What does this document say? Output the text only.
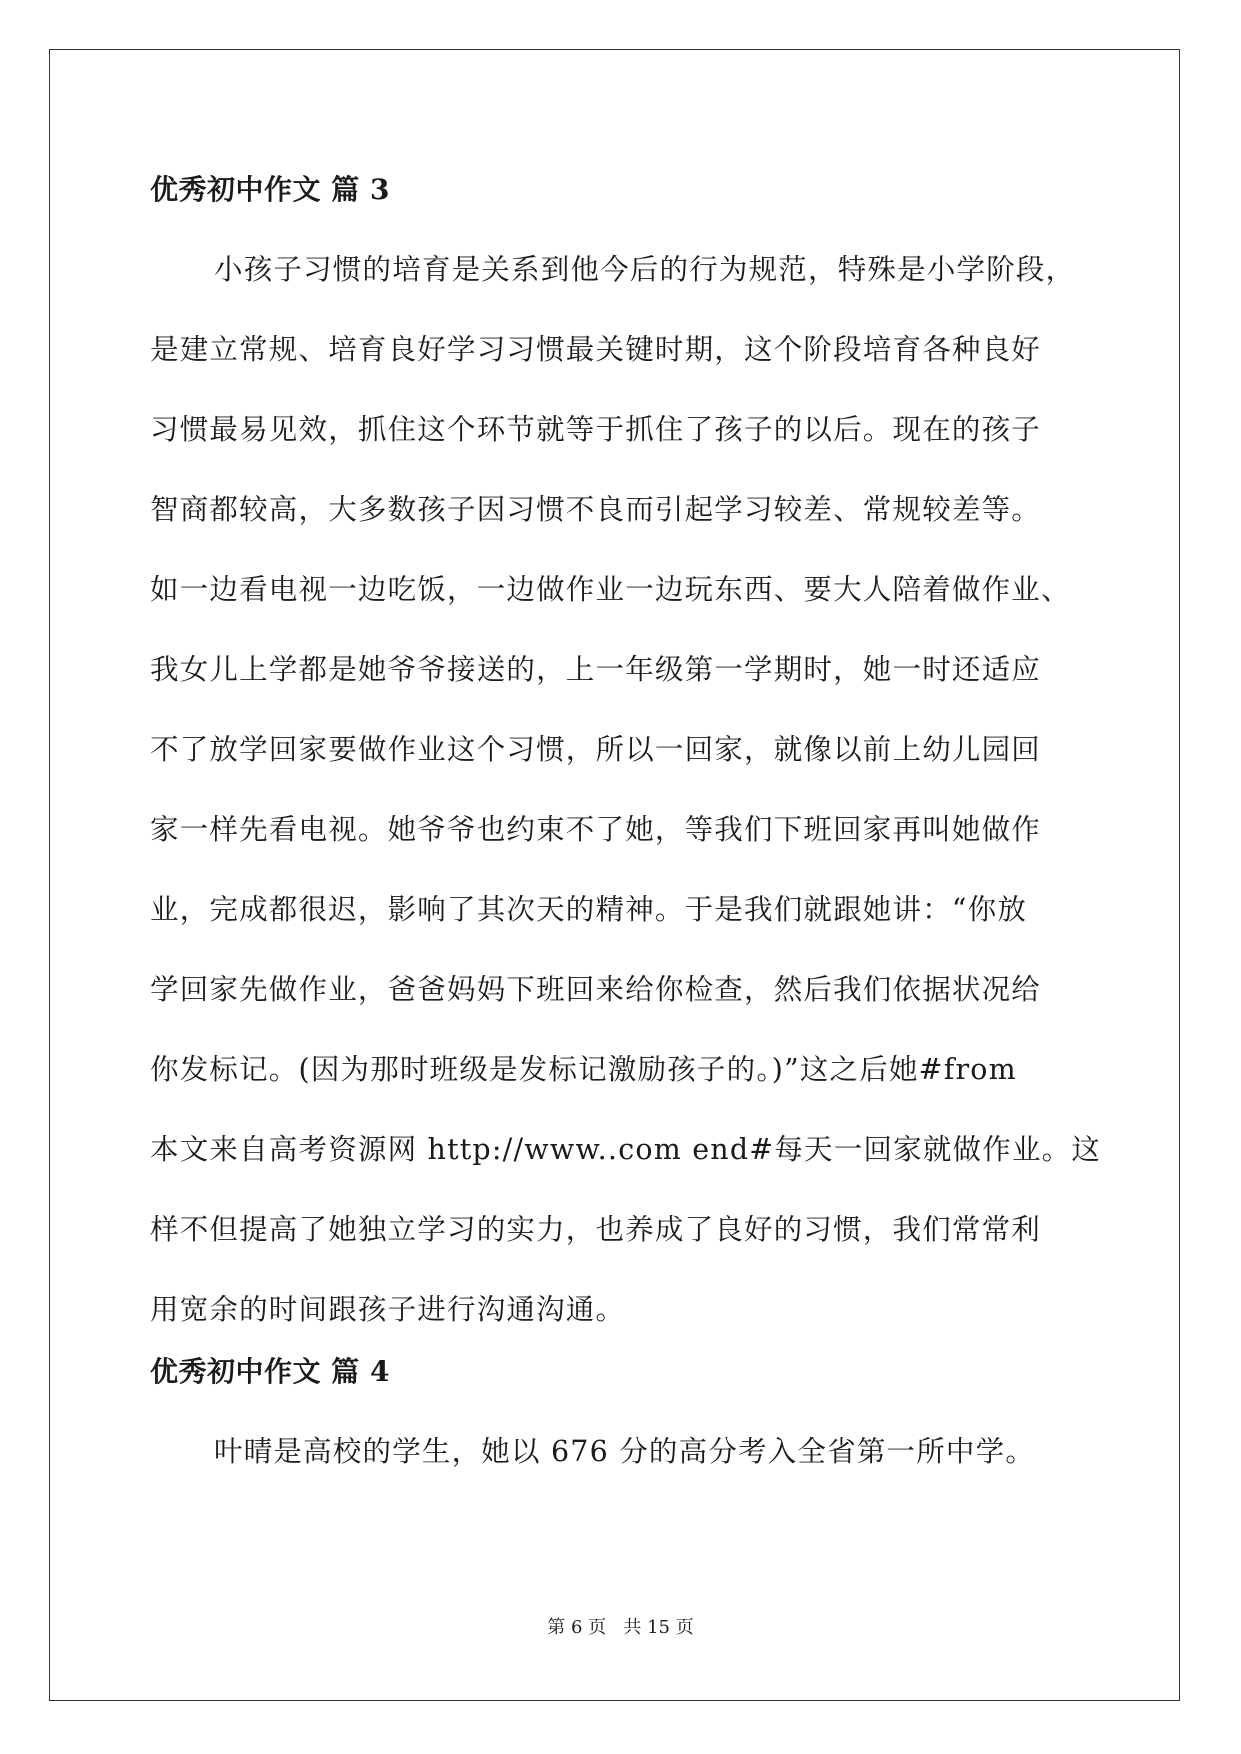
优秀初中作文 篇 3
小孩子习惯的培育是关系到他今后的行为规范，特殊是小学阶段，
是建立常规、培育良好学习习惯最关键时期，这个阶段培育各种良好
习惯最易见效，抓住这个环节就等于抓住了孩子的以后。现在的孩子
智商都较高，大多数孩子因习惯不良而引起学习较差、常规较差等。
如一边看电视一边吃饭，一边做作业一边玩东西、要大人陪着做作业、
我女儿上学都是她爷爷接送的，上一年级第一学期时，她一时还适应
不了放学回家要做作业这个习惯，所以一回家，就像以前上幼儿园回
家一样先看电视。她爷爷也约束不了她，等我们下班回家再叫她做作
业，完成都很迟，影响了其次天的精神。于是我们就跟她讲：“你放
学回家先做作业，爸爸妈妈下班回来给你检查，然后我们依据状况给
你发标记。(因为那时班级是发标记激励孩子的。)”这之后她#from
本文来自高考资源网 http://www..com end#每天一回家就做作业。这
样不但提高了她独立学习的实力，也养成了良好的习惯，我们常常利
用宽余的时间跟孩子进行沟通沟通。
优秀初中作文 篇 4
叶晴是高校的学生，她以 676 分的高分考入全省第一所中学。
第 6 页 共 15 页
